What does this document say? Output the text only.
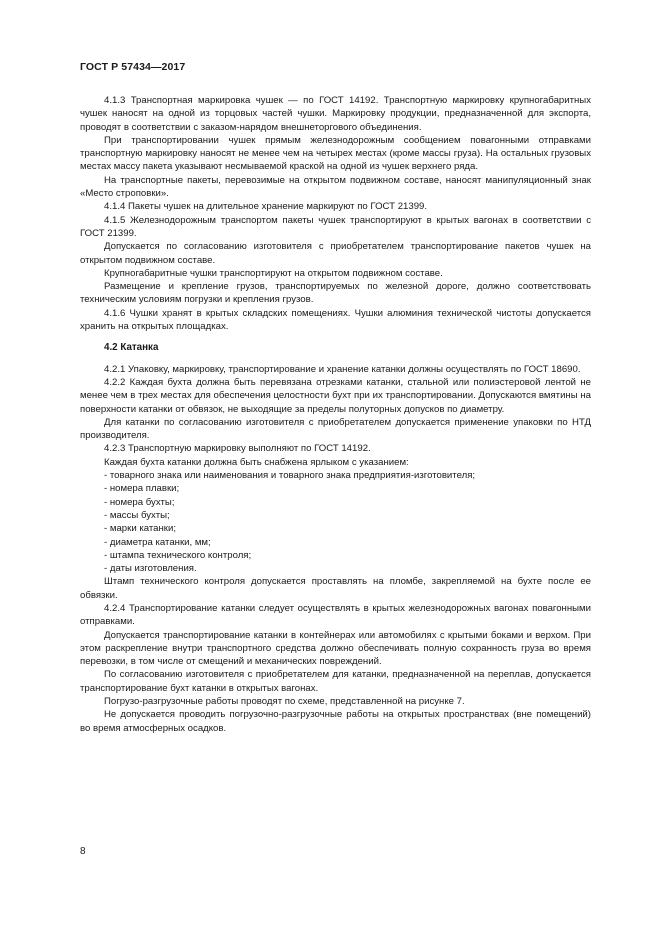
ГОСТ Р 57434—2017

4.1.3 Транспортная маркировка чушек — по ГОСТ 14192. Транспортную маркировку крупногабаритных чушек наносят на одной из торцовых частей чушки. Маркировку продукции, предназначенной для экспорта, проводят в соответствии с заказом-нарядом внешнеторгового объединения.

При транспортировании чушек прямым железнодорожным сообщением повагонными отправками транспортную маркировку наносят не менее чем на четырех местах (кроме массы груза). На остальных грузовых местах массу пакета указывают несмываемой краской на одной из чушек верхнего ряда.

На транспортные пакеты, перевозимые на открытом подвижном составе, наносят манипуляционный знак «Место строповки».

4.1.4 Пакеты чушек на длительное хранение маркируют по ГОСТ 21399.

4.1.5 Железнодорожным транспортом пакеты чушек транспортируют в крытых вагонах в соответствии с ГОСТ 21399.

Допускается по согласованию изготовителя с приобретателем транспортирование пакетов чушек на открытом подвижном составе.

Крупногабаритные чушки транспортируют на открытом подвижном составе.

Размещение и крепление грузов, транспортируемых по железной дороге, должно соответствовать техническим условиям погрузки и крепления грузов.

4.1.6 Чушки хранят в крытых складских помещениях. Чушки алюминия технической чистоты допускается хранить на открытых площадках.

4.2 Катанка

4.2.1 Упаковку, маркировку, транспортирование и хранение катанки должны осуществлять по ГОСТ 18690.

4.2.2 Каждая бухта должна быть перевязана отрезками катанки, стальной или полиэстеровой лентой не менее чем в трех местах для обеспечения целостности бухт при их транспортировании. Допускаются вмятины на поверхности катанки от обвязок, не выходящие за пределы полуторных допусков по диаметру.

Для катанки по согласованию изготовителя с приобретателем допускается применение упаковки по НТД производителя.

4.2.3 Транспортную маркировку выполняют по ГОСТ 14192.

Каждая бухта катанки должна быть снабжена ярлыком с указанием:

- товарного знака или наименования и товарного знака предприятия-изготовителя;

- номера плавки;

- номера бухты;

- массы бухты;

- марки катанки;

- диаметра катанки, мм;

- штампа технического контроля;

- даты изготовления.

Штамп технического контроля допускается проставлять на пломбе, закрепляемой на бухте после ее обвязки.

4.2.4 Транспортирование катанки следует осуществлять в крытых железнодорожных вагонах повагонными отправками.

Допускается транспортирование катанки в контейнерах или автомобилях с крытыми боками и верхом. При этом раскрепление внутри транспортного средства должно обеспечивать полную сохранность груза во время перевозки, в том числе от смещений и механических повреждений.

По согласованию изготовителя с приобретателем для катанки, предназначенной на переплав, допускается транспортирование бухт катанки в открытых вагонах.

Погрузо-разгрузочные работы проводят по схеме, представленной на рисунке 7.

Не допускается проводить погрузочно-разгрузочные работы на открытых пространствах (вне помещений) во время атмосферных осадков.

8
